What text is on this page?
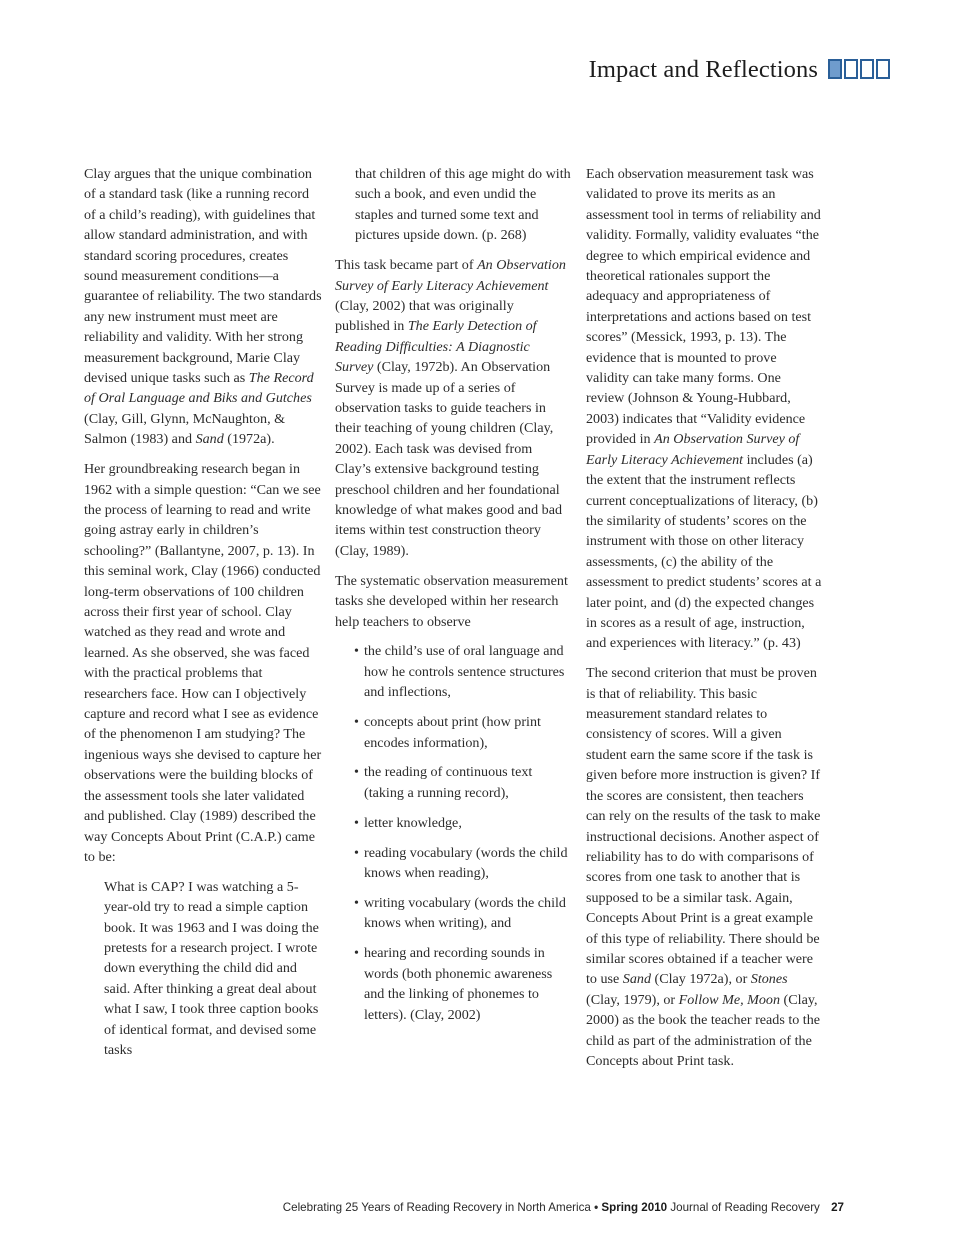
Impact and Reflections

Clay argues that the unique combination of a standard task (like a running record of a child’s reading), with guidelines that allow standard administration, and with standard scoring procedures, creates sound measurement conditions—a guarantee of reliability. The two standards any new instrument must meet are reliability and validity. With her strong measurement background, Marie Clay devised unique tasks such as The Record of Oral Language and Biks and Gutches (Clay, Gill, Glynn, McNaughton, & Salmon (1983) and Sand (1972a).

Her groundbreaking research began in 1962 with a simple question: “Can we see the process of learning to read and write going astray early in children’s schooling?” (Ballantyne, 2007, p. 13). In this seminal work, Clay (1966) conducted long-term observations of 100 children across their first year of school. Clay watched as they read and wrote and learned. As she observed, she was faced with the practical problems that researchers face. How can I objectively capture and record what I see as evidence of the phenomenon I am studying? The ingenious ways she devised to capture her observations were the building blocks of the assessment tools she later validated and published. Clay (1989) described the way Concepts About Print (C.A.P.) came to be:

What is CAP? I was watching a 5-year-old try to read a simple caption book. It was 1963 and I was doing the pretests for a research project. I wrote down everything the child did and said. After thinking a great deal about what I saw, I took three caption books of identical format, and devised some tasks

that children of this age might do with such a book, and even undid the staples and turned some text and pictures upside down. (p. 268)

This task became part of An Observation Survey of Early Literacy Achievement (Clay, 2002) that was originally published in The Early Detection of Reading Difficulties: A Diagnostic Survey (Clay, 1972b). An Observation Survey is made up of a series of observation tasks to guide teachers in their teaching of young children (Clay, 2002). Each task was devised from Clay’s extensive background testing preschool children and her foundational knowledge of what makes good and bad items within test construction theory (Clay, 1989).

The systematic observation measurement tasks she developed within her research help teachers to observe

• the child’s use of oral language and how he controls sentence structures and inflections,
• concepts about print (how print encodes information),
• the reading of continuous text (taking a running record),
• letter knowledge,
• reading vocabulary (words the child knows when reading),
• writing vocabulary (words the child knows when writing), and
• hearing and recording sounds in words (both phonemic awareness and the linking of phonemes to letters). (Clay, 2002)

Each observation measurement task was validated to prove its merits as an assessment tool in terms of reliability and validity. Formally, validity evaluates “the degree to which empirical evidence and theoretical rationales support the adequacy and appropriateness of interpretations and actions based on test scores” (Messick, 1993, p. 13). The evidence that is mounted to prove validity can take many forms. One review (Johnson & Young-Hubbard, 2003) indicates that “Validity evidence provided in An Observation Survey of Early Literacy Achievement includes (a) the extent that the instrument reflects current conceptualizations of literacy, (b) the similarity of students’ scores on the instrument with those on other literacy assessments, (c) the ability of the assessment to predict students’ scores at a later point, and (d) the expected changes in scores as a result of age, instruction, and experiences with literacy.” (p. 43)

The second criterion that must be proven is that of reliability. This basic measurement standard relates to consistency of scores. Will a given student earn the same score if the task is given before more instruction is given? If the scores are consistent, then teachers can rely on the results of the task to make instructional decisions. Another aspect of reliability has to do with comparisons of scores from one task to another that is supposed to be a similar task. Again, Concepts About Print is a great example of this type of reliability. There should be similar scores obtained if a teacher were to use Sand (Clay 1972a), or Stones (Clay, 1979), or Follow Me, Moon (Clay, 2000) as the book the teacher reads to the child as part of the administration of the Concepts about Print task.

Celebrating 25 Years of Reading Recovery in North America • Spring 2010 Journal of Reading Recovery 27
